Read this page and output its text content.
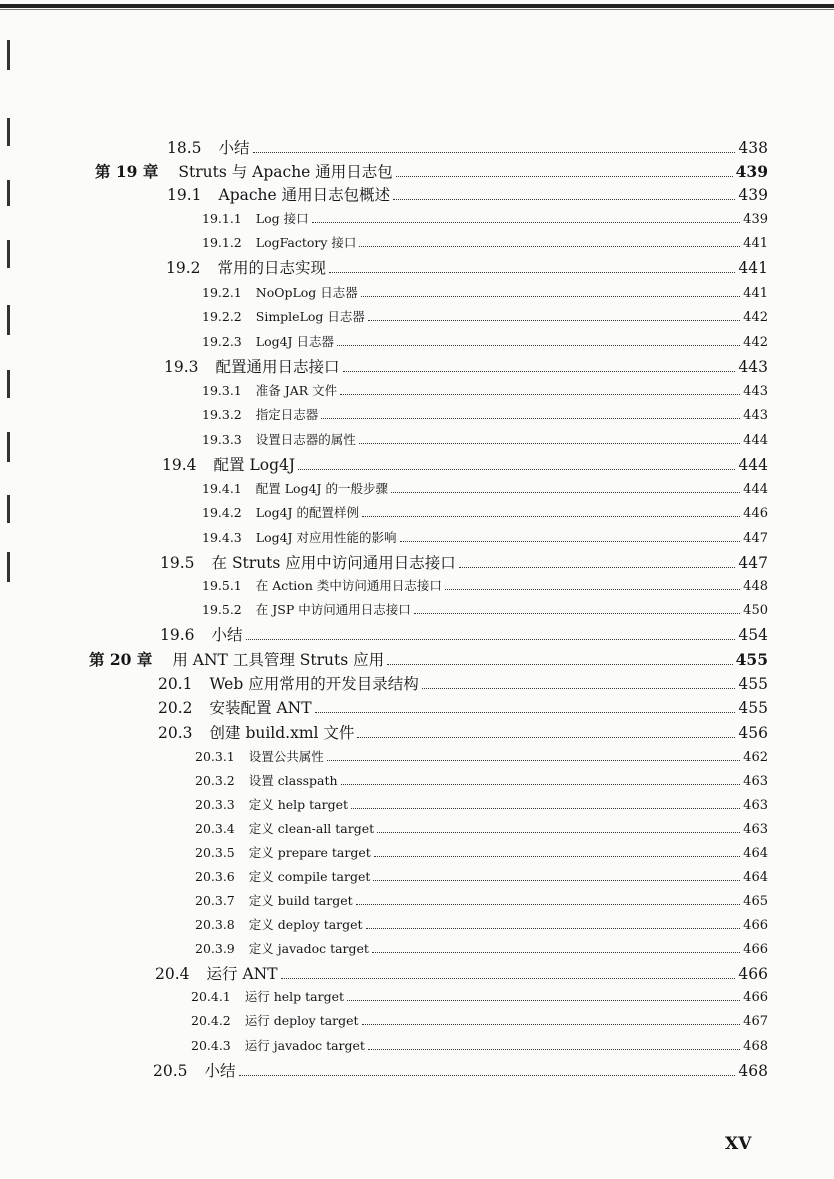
18.5 小结	438
第 19 章 Struts 与 Apache 通用日志包	439
19.1 Apache 通用日志包概述	439
19.1.1 Log 接口	439
19.1.2 LogFactory 接口	441
19.2 常用的日志实现	441
19.2.1 NoOpLog 日志器	441
19.2.2 SimpleLog 日志器	442
19.2.3 Log4J 日志器	442
19.3 配置通用日志接口	443
19.3.1 准备 JAR 文件	443
19.3.2 指定日志器	443
19.3.3 设置日志器的属性	444
19.4 配置 Log4J	444
19.4.1 配置 Log4J 的一般步骤	444
19.4.2 Log4J 的配置样例	446
19.4.3 Log4J 对应用性能的影响	447
19.5 在 Struts 应用中访问通用日志接口	447
19.5.1 在 Action 类中访问通用日志接口	448
19.5.2 在 JSP 中访问通用日志接口	450
19.6 小结	454
第 20 章 用 ANT 工具管理 Struts 应用	455
20.1 Web 应用常用的开发目录结构	455
20.2 安装配置 ANT	455
20.3 创建 build.xml 文件	456
20.3.1 设置公共属性	462
20.3.2 设置 classpath	463
20.3.3 定义 help target	463
20.3.4 定义 clean-all target	463
20.3.5 定义 prepare target	464
20.3.6 定义 compile target	464
20.3.7 定义 build target	465
20.3.8 定义 deploy target	466
20.3.9 定义 javadoc target	466
20.4 运行 ANT	466
20.4.1 运行 help target	466
20.4.2 运行 deploy target	467
20.4.3 运行 javadoc target	468
20.5 小结	468
XV
